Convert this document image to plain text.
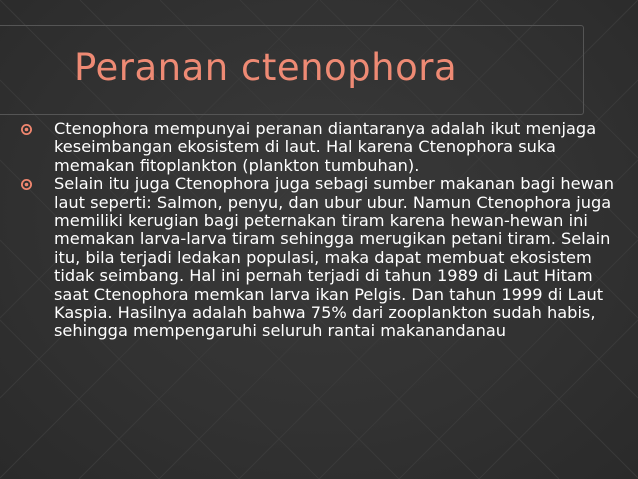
Peranan ctenophora
Ctenophora mempunyai peranan diantaranya adalah ikut menjaga keseimbangan ekosistem di laut. Hal karena Ctenophora suka memakan fitoplankton (plankton tumbuhan).
Selain itu juga Ctenophora juga sebagi sumber makanan bagi hewan laut seperti: Salmon, penyu, dan ubur ubur. Namun Ctenophora juga memiliki kerugian bagi peternakan tiram karena hewan-hewan ini memakan larva-larva tiram sehingga merugikan petani tiram. Selain itu, bila terjadi ledakan populasi, maka dapat membuat ekosistem tidak seimbang. Hal ini pernah terjadi di tahun 1989 di Laut Hitam saat Ctenophora memkan larva ikan Pelgis. Dan tahun 1999 di Laut Kaspia. Hasilnya adalah bahwa 75% dari zooplankton sudah habis, sehingga mempengaruhi seluruh rantai makanandanau
